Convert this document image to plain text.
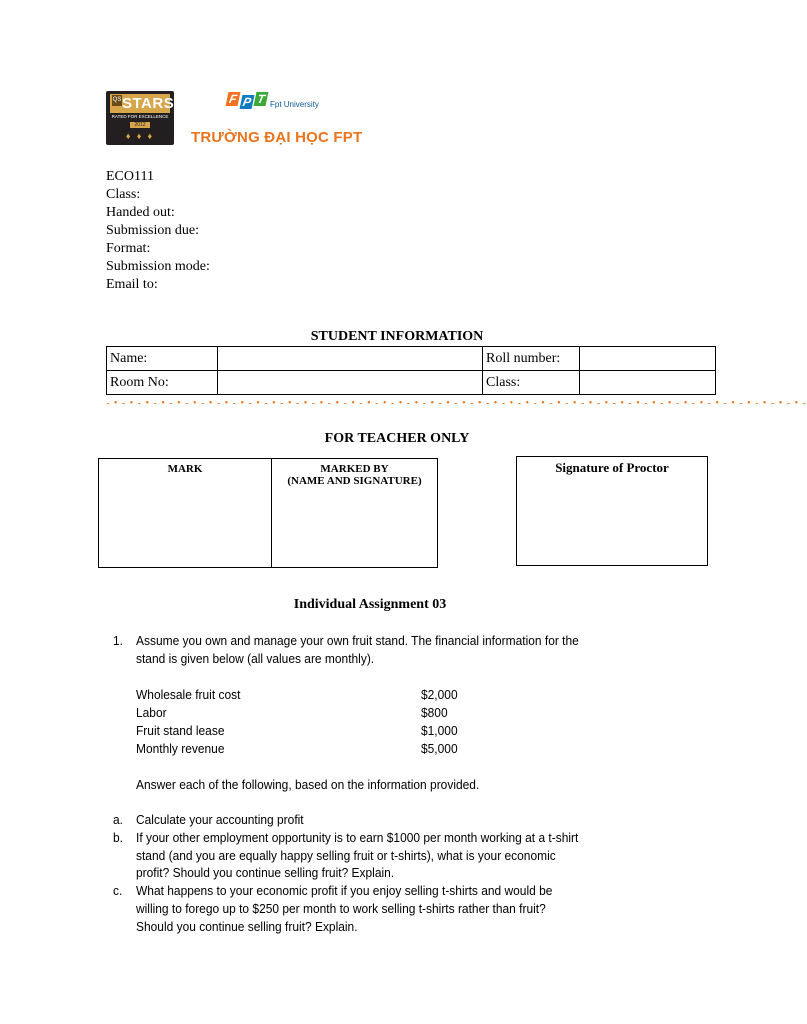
QS STARS
RATED FOR EXCELLENCE
2012
♦ ♦ ♦
F P T Fpt University
TRƯỜNG ĐẠI HỌC FPT
ECO111
Class:
Handed out:
Submission due:
Format:
Submission mode:
Email to:
STUDENT INFORMATION
Name:		Roll number:	
Room No:		Class:	
- • - • - • - • - • - • - • - • - • - • - • - • - • - • - • - • - • - • - • - • - • - • - • - • - • - • - • - • - • - • - • - • - • - • - • - • - • - • - • - • - • - • - • - • -
FOR TEACHER ONLY
MARK	MARKED BY
(NAME AND SIGNATURE)
Signature of Proctor
Individual Assignment 03
1. Assume you own and manage your own fruit stand. The financial information for the
stand is given below (all values are monthly).
Wholesale fruit cost	$2,000
Labor	$800
Fruit stand lease	$1,000
Monthly revenue	$5,000
Answer each of the following, based on the information provided.
a. Calculate your accounting profit
b. If your other employment opportunity is to earn $1000 per month working at a t-shirt
stand (and you are equally happy selling fruit or t-shirts), what is your economic
profit? Should you continue selling fruit? Explain.
c. What happens to your economic profit if you enjoy selling t-shirts and would be
willing to forego up to $250 per month to work selling t-shirts rather than fruit?
Should you continue selling fruit? Explain.
